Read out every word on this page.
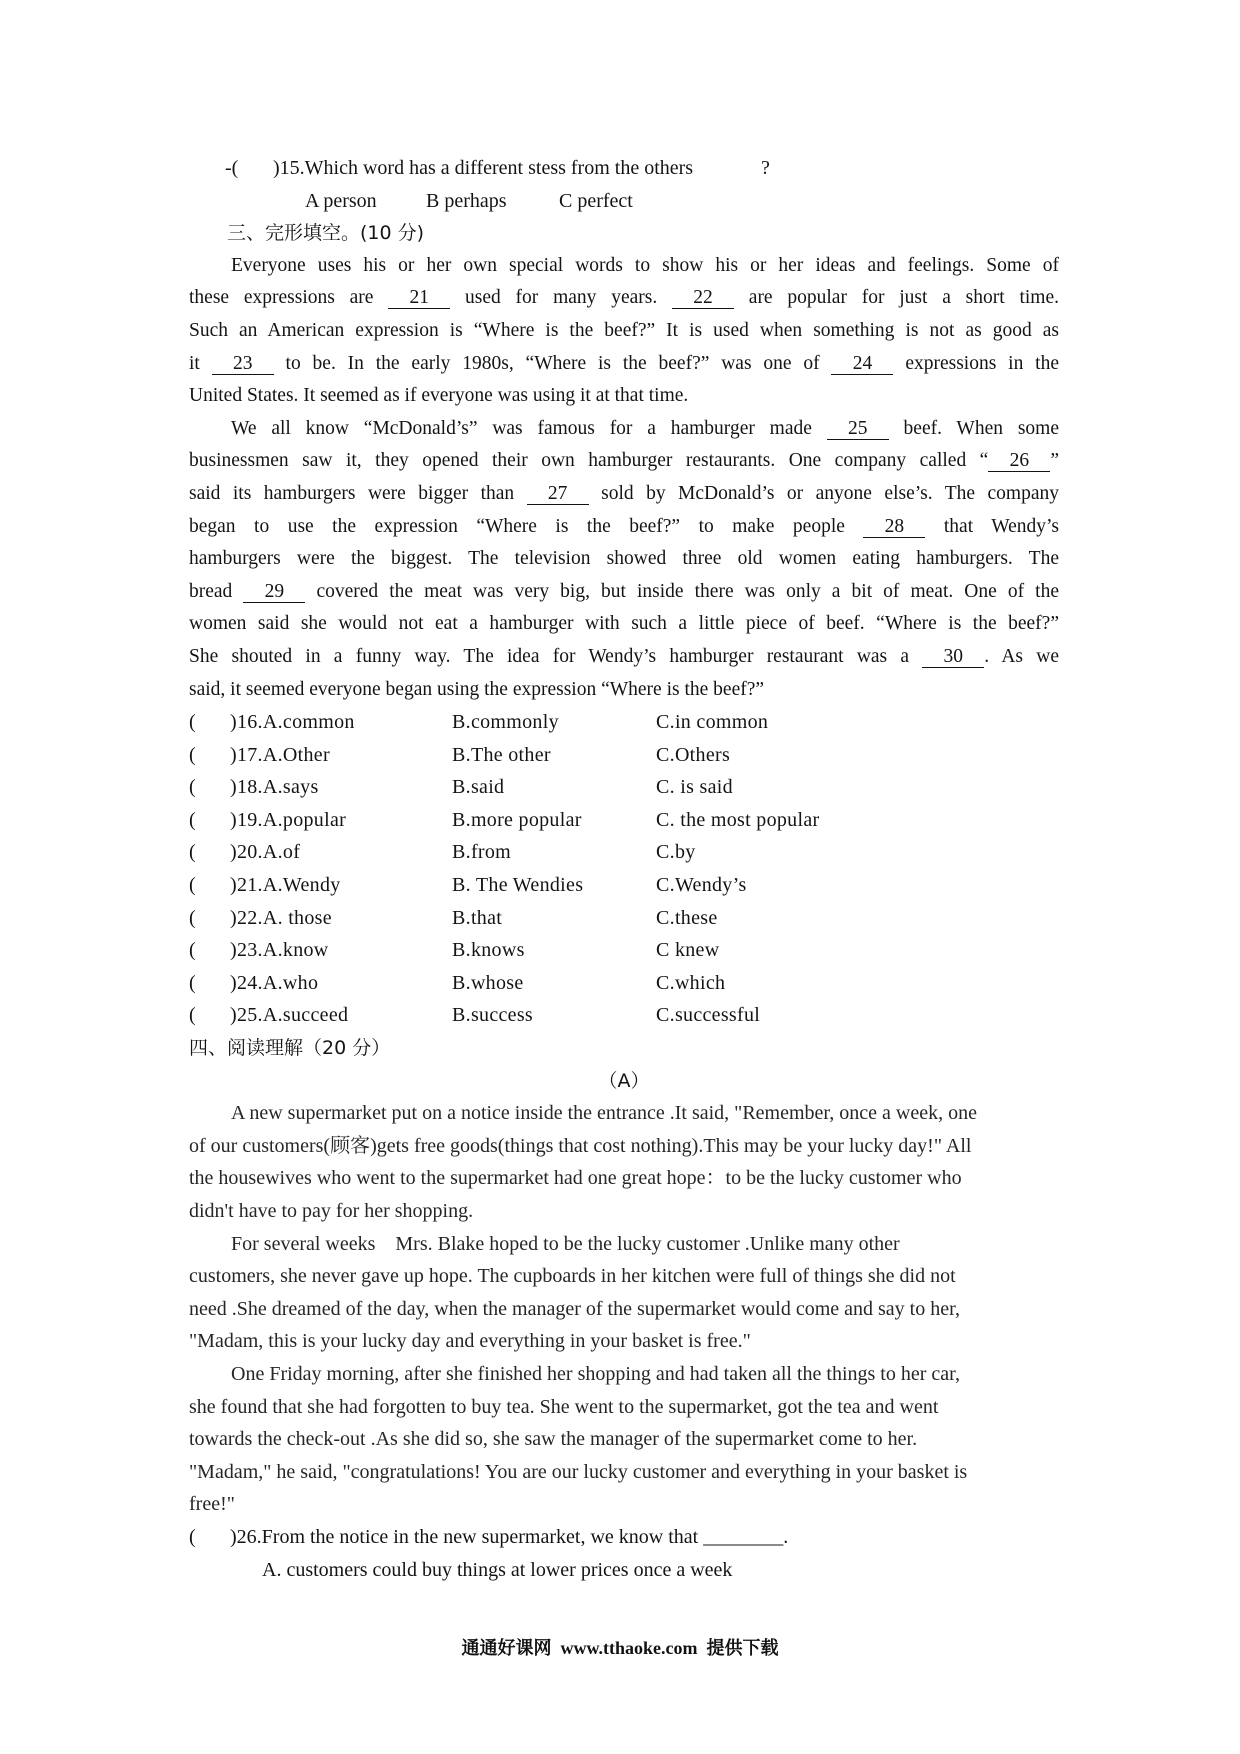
-( )15.Which word has a different stess from the others	?
A person B perhaps	C perfect
三、完形填空。(10 分)
Everyone uses his or her own special words to show his or her ideas and feelings. Some of
these expressions are 21 used for many years. 22 are popular for just a short time.
Such an American expression is “Where is the beef?” It is used when something is not as good as
it 23 to be. In the early 1980s, “Where is the beef?” was one of 24 expressions in the
United States. It seemed as if everyone was using it at that time.
We all know “McDonald’s” was famous for a hamburger made 25 beef. When some
businessmen saw it, they opened their own hamburger restaurants. One company called “ 26 ”
said its hamburgers were bigger than 27 sold by McDonald’s or anyone else’s. The company
began to use the expression “Where is the beef?” to make people 28 that Wendy’s
hamburgers were the biggest. The television showed three old women eating hamburgers. The
bread 29 covered the meat was very big, but inside there was only a bit of meat. One of the
women said she would not eat a hamburger with such a little piece of beef. “Where is the beef?”
She shouted in a funny way. The idea for Wendy’s hamburger restaurant was a 30 . As we
said, it seemed everyone began using the expression “Where is the beef?”
( )16.A.common	B.commonly	C.in common
( )17.A.Other	B.The other	C.Others
( )18.A.says	B.said	C. is said
( )19.A.popular	B.more popular	C. the most popular
( )20.A.of	B.from	C.by
( )21.A.Wendy	B. The Wendies	C.Wendy’s
( )22.A. those	B.that	C.these
( )23.A.know	B.knows	C knew
( )24.A.who	B.whose	C.which
( )25.A.succeed	B.success	C.successful
四、阅读理解（20 分）
（A）
A new supermarket put on a notice inside the entrance .It said, "Remember, once a week, one
of our customers(顾客)gets free goods(things that cost nothing).This may be your lucky day!" All
the housewives who went to the supermarket had one great hope：to be the lucky customer who
didn't have to pay for her shopping.
For several weeks    Mrs. Blake hoped to be the lucky customer .Unlike many other
customers, she never gave up hope. The cupboards in her kitchen were full of things she did not
need .She dreamed of the day, when the manager of the supermarket would come and say to her,
"Madam, this is your lucky day and everything in your basket is free."
One Friday morning, after she finished her shopping and had taken all the things to her car,
she found that she had forgotten to buy tea. She went to the supermarket, got the tea and went
towards the check-out .As she did so, she saw the manager of the supermarket come to her.
"Madam," he said, "congratulations! You are our lucky customer and everything in your basket is
free!"
( )26.From the notice in the new supermarket, we know that ________.
A. customers could buy things at lower prices once a week
通通好课网  www.tthaoke.com  提供下载
